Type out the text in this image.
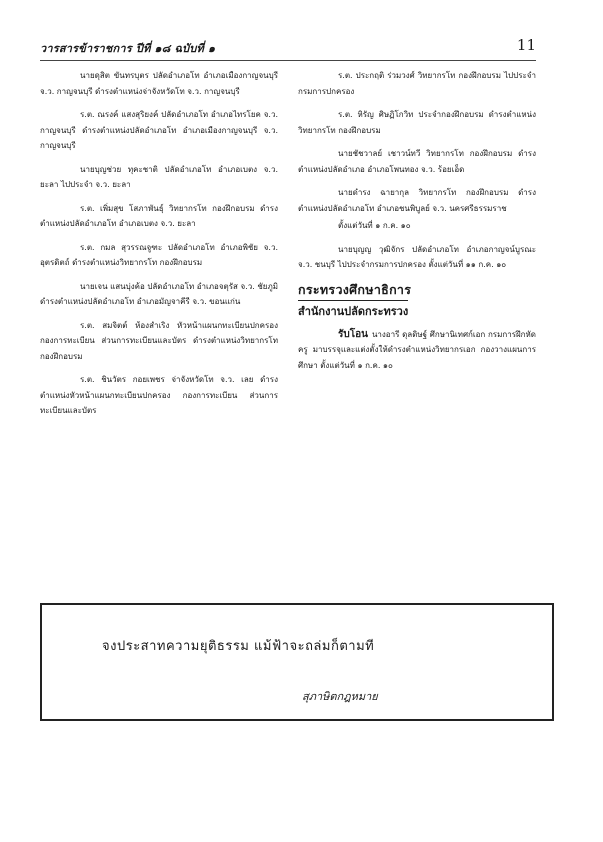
วารสารข้าราชการ ปีที่ ๑๘ ฉบับที่ ๑	11

นายดุสิต ขันทรบุตร ปลัดอำเภอโท อำเภอเมืองกาญจนบุรี จ.ว. กาญจนบุรี ดำรงตำแหน่งจ่าจังหวัดโท จ.ว. กาญจนบุรี

ร.ต. ณรงค์ แสงสุริยงค์ ปลัดอำเภอโท อำเภอไทรโยค จ.ว. กาญจนบุรี ดำรงตำแหน่งปลัดอำเภอโท อำเภอเมืองกาญจนบุรี จ.ว. กาญจนบุรี

นายบุญช่วย ทุคะชาติ ปลัดอำเภอโท อำเภอเบตง จ.ว. ยะลา ไปประจำ จ.ว. ยะลา

ร.ต. เพิ่มสุข โสภาพันธุ์ วิทยากรโท กองฝึกอบรม ดำรงตำแหน่งปลัดอำเภอโท อำเภอเบตง จ.ว. ยะลา

ร.ต. กมล สุวรรณจูฑะ ปลัดอำเภอโท อำเภอพิชัย จ.ว. อุตรดิตถ์ ดำรงตำแหน่งวิทยากรโท กองฝึกอบรม

นายเจน แสนบุ่งค้อ ปลัดอำเภอโท อำเภอจตุรัส จ.ว. ชัยภูมิ ดำรงตำแหน่งปลัดอำเภอโท อำเภอมัญจาคีรี จ.ว. ขอนแก่น

ร.ต. สมจิตต์ ห้องสำเริง หัวหน้าแผนกทะเบียนปกครอง กองการทะเบียน ส่วนการทะเบียนและบัตร ดำรงตำแหน่งวิทยากรโท กองฝึกอบรม

ร.ต. ชินวัตร กอยเพชร จ่าจังหวัดโท จ.ว. เลย ดำรงตำแหน่งหัวหน้าแผนกทะเบียนปกครอง กองการทะเบียน ส่วนการทะเบียนและบัตร

ร.ต. ประกฤติ ร่วมวงศ์ วิทยากรโท กองฝึกอบรม ไปประจำกรมการปกครอง

ร.ต. หิรัญ ศิษฏิโกวิท ประจำกองฝึกอบรม ดำรงตำแหน่งวิทยากรโท กองฝึกอบรม

นายชัชวาลย์ เชาวน์ทวี วิทยากรโท กองฝึกอบรม ดำรงตำแหน่งปลัดอำเภอ อำเภอโพนทอง จ.ว. ร้อยเอ็ด

นายดำรง ฉายากุล วิทยากรโท กองฝึกอบรม ดำรงตำแหน่งปลัดอำเภอโท อำเภอชนพิบูลย์ จ.ว. นครศรีธรรมราช

ตั้งแต่วันที่ ๑ ก.ค. ๑๐

นายบุญญ วุฒิจักร ปลัดอำเภอโท อำเภอกาญจน์บูรณะ จ.ว. ชนบุรี ไปประจำกรมการปกครอง ตั้งแต่วันที่ ๑๑ ก.ค. ๑๐

กระทรวงศึกษาธิการ
สำนักงานปลัดกระทรวง

รับโอน นางอารี ดุลดิษฐ์ ศึกษานิเทศก์เอก กรมการฝึกหัดครู มาบรรจุและแต่งตั้งให้ดำรงตำแหน่งวิทยากรเอก กองวางแผนการศึกษา ตั้งแต่วันที่ ๑ ก.ค. ๑๐

จงประสาทความยุติธรรม แม้ฟ้าจะถล่มก็ตามที
สุภาษิตกฎหมาย
